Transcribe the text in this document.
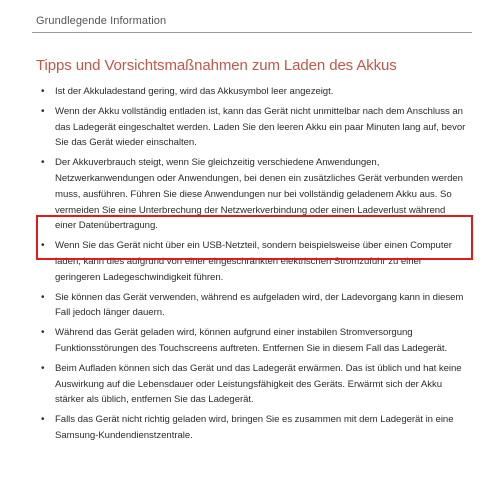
Grundlegende Information
Tipps und Vorsichtsmaßnahmen zum Laden des Akkus
• Ist der Akkuladestand gering, wird das Akkusymbol leer angezeigt.
• Wenn der Akku vollständig entladen ist, kann das Gerät nicht unmittelbar nach dem Anschluss an das Ladegerät eingeschaltet werden. Laden Sie den leeren Akku ein paar Minuten lang auf, bevor Sie das Gerät wieder einschalten.
• Der Akkuverbrauch steigt, wenn Sie gleichzeitig verschiedene Anwendungen, Netzwerkanwendungen oder Anwendungen, bei denen ein zusätzliches Gerät verbunden werden muss, ausführen. Führen Sie diese Anwendungen nur bei vollständig geladenem Akku aus. So vermeiden Sie eine Unterbrechung der Netzwerkverbindung oder einen Ladeverlust während einer Datenübertragung.
• Wenn Sie das Gerät nicht über ein USB-Netzteil, sondern beispielsweise über einen Computer laden, kann dies aufgrund von einer eingeschränkten elektrischen Stromzufuhr zu einer geringeren Ladegeschwindigkeit führen.
• Sie können das Gerät verwenden, während es aufgeladen wird, der Ladevorgang kann in diesem Fall jedoch länger dauern.
• Während das Gerät geladen wird, können aufgrund einer instabilen Stromversorgung Funktionsstörungen des Touchscreens auftreten. Entfernen Sie in diesem Fall das Ladegerät.
• Beim Aufladen können sich das Gerät und das Ladegerät erwärmen. Das ist üblich und hat keine Auswirkung auf die Lebensdauer oder Leistungsfähigkeit des Geräts. Erwärmt sich der Akku stärker als üblich, entfernen Sie das Ladegerät.
• Falls das Gerät nicht richtig geladen wird, bringen Sie es zusammen mit dem Ladegerät in eine Samsung-Kundendienstzentrale.
